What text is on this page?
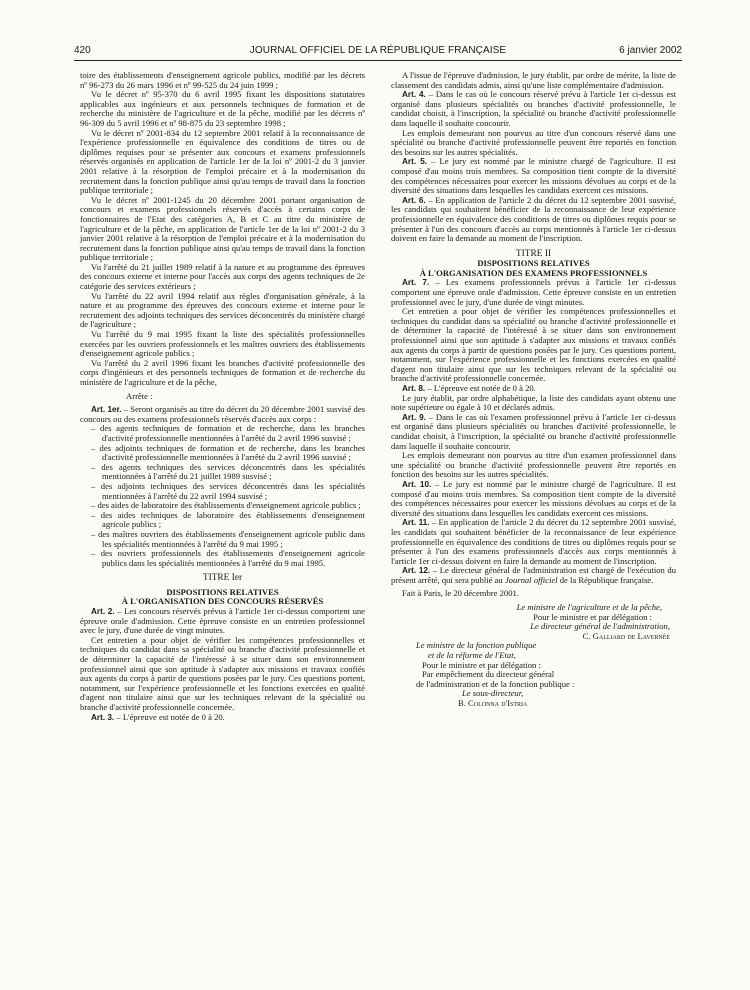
420	JOURNAL OFFICIEL DE LA RÉPUBLIQUE FRANÇAISE	6 janvier 2002

toire des établissements d'enseignement agricole publics, modifié par les décrets nº 96-273 du 26 mars 1996 et nº 99-525 du 24 juin 1999 ;

Vu le décret nº 95-370 du 6 avril 1995 fixant les dispositions statutaires applicables aux ingénieurs et aux personnels techniques de formation et de recherche du ministère de l'agriculture et de la pêche, modifié par les décrets nº 96-309 du 5 avril 1996 et nº 98-875 du 23 septembre 1998 ;

Vu le décret nº 2001-834 du 12 septembre 2001 relatif à la reconnaissance de l'expérience professionnelle en équivalence des conditions de titres ou de diplômes requises pour se présenter aux concours et examens professionnels réservés organisés en application de l'article 1er de la loi nº 2001-2 du 3 janvier 2001 relative à la résorption de l'emploi précaire et à la modernisation du recrutement dans la fonction publique ainsi qu'au temps de travail dans la fonction publique territoriale ;

Vu le décret nº 2001-1245 du 20 décembre 2001 portant organisation de concours et examens professionnels réservés d'accès à certains corps de fonctionnaires de l'Etat des catégories A, B et C au titre du ministère de l'agriculture et de la pêche, en application de l'article 1er de la loi nº 2001-2 du 3 janvier 2001 relative à la résorption de l'emploi précaire et à la modernisation du recrutement dans la fonction publique ainsi qu'au temps de travail dans la fonction publique territoriale ;

Vu l'arrêté du 21 juillet 1989 relatif à la nature et au programme des épreuves des concours externe et interne pour l'accès aux corps des agents techniques de 2e catégorie des services extérieurs ;

Vu l'arrêté du 22 avril 1994 relatif aux règles d'organisation générale, à la nature et au programme des épreuves des concours externe et interne pour le recrutement des adjoints techniques des services déconcentrés du ministère chargé de l'agriculture ;

Vu l'arrêté du 9 mai 1995 fixant la liste des spécialités professionnelles exercées par les ouvriers professionnels et les maîtres ouvriers des établissements d'enseignement agricole publics ;

Vu l'arrêté du 2 avril 1996 fixant les branches d'activité professionnelle des corps d'ingénieurs et des personnels techniques de formation et de recherche du ministère de l'agriculture et de la pêche,

Arrête :

Art. 1er. – Seront organisés au titre du décret du 20 décembre 2001 susvisé des concours ou des examens professionnels réservés d'accès aux corps :

– des agents techniques de formation et de recherche, dans les branches d'activité professionnelle mentionnées à l'arrêté du 2 avril 1996 susvisé ;
– des adjoints techniques de formation et de recherche, dans les branches d'activité professionnelle mentionnées à l'arrêté du 2 avril 1996 susvisé ;
– des agents techniques des services déconcentrés dans les spécialités mentionnées à l'arrêté du 21 juillet 1989 susvisé ;
– des adjoints techniques des services déconcentrés dans les spécialités mentionnées à l'arrêté du 22 avril 1994 susvisé ;
– des aides de laboratoire des établissements d'enseignement agricole publics ;
– des aides techniques de laboratoire des établissements d'enseignement agricole publics ;
– des maîtres ouvriers des établissements d'enseignement agricole public dans les spécialités mentionnées à l'arrêté du 9 mai 1995 ;
– des ouvriers professionnels des établissements d'enseignement agricole publics dans les spécialités mentionnées à l'arrêté du 9 mai 1995.

TITRE Ier

DISPOSITIONS RELATIVES

À L'ORGANISATION DES CONCOURS RÉSERVÉS

Art. 2. – Les concours réservés prévus à l'article 1er ci-dessus comportent une épreuve orale d'admission. Cette épreuve consiste en un entretien professionnel avec le jury, d'une durée de vingt minutes.

Cet entretien a pour objet de vérifier les compétences professionnelles et techniques du candidat dans sa spécialité ou branche d'activité professionnelle et de déterminer la capacité de l'intéressé à se situer dans son environnement professionnel ainsi que son aptitude à s'adapter aux missions et travaux confiés aux agents du corps à partir de questions posées par le jury. Ces questions portent, notamment, sur l'expérience professionnelle et les fonctions exercées en qualité d'agent non titulaire ainsi que sur les techniques relevant de la spécialité ou branche d'activité professionnelle concernée.

Art. 3. – L'épreuve est notée de 0 à 20.

A l'issue de l'épreuve d'admission, le jury établit, par ordre de mérite, la liste de classement des candidats admis, ainsi qu'une liste complémentaire d'admission.

Art. 4. – Dans le cas où le concours réservé prévu à l'article 1er ci-dessus est organisé dans plusieurs spécialités ou branches d'activité professionnelle, le candidat choisit, à l'inscription, la spécialité ou branche d'activité professionnelle dans laquelle il souhaite concourir.

Les emplois demeurant non pourvus au titre d'un concours réservé dans une spécialité ou branche d'activité professionnelle peuvent être reportés en fonction des besoins sur les autres spécialités.

Art. 5. – Le jury est nommé par le ministre chargé de l'agriculture. Il est composé d'au moins trois membres. Sa composition tient compte de la diversité des compétences nécessaires pour exercer les missions dévolues au corps et de la diversité des situations dans lesquelles les candidats exercent ces missions.

Art. 6. – En application de l'article 2 du décret du 12 septembre 2001 susvisé, les candidats qui souhaitent bénéficier de la reconnaissance de leur expérience professionnelle en équivalence des conditions de titres ou diplômes requis pour se présenter à l'un des concours d'accès au corps mentionnés à l'article 1er ci-dessus doivent en faire la demande au moment de l'inscription.

TITRE II

DISPOSITIONS RELATIVES

À L'ORGANISATION DES EXAMENS PROFESSIONNELS

Art. 7. – Les examens professionnels prévus à l'article 1er ci-dessus comportent une épreuve orale d'admission. Cette épreuve consiste en un entretien professionnel avec le jury, d'une durée de vingt minutes.

Cet entretien a pour objet de vérifier les compétences professionnelles et techniques du candidat dans sa spécialité ou branche d'activité professionnelle et de déterminer la capacité de l'intéressé à se situer dans son environnement professionnel ainsi que son aptitude à s'adapter aux missions et travaux confiés aux agents du corps à partir de questions posées par le jury. Ces questions portent, notamment, sur l'expérience professionnelle et les fonctions exercées en qualité d'agent non titulaire ainsi que sur les techniques relevant de la spécialité ou branche d'activité professionnelle concernée.

Art. 8. – L'épreuve est notée de 0 à 20.

Le jury établit, par ordre alphabétique, la liste des candidats ayant obtenu une note supérieure ou égale à 10 et déclarés admis.

Art. 9. – Dans le cas où l'examen professionnel prévu à l'article 1er ci-dessus est organisé dans plusieurs spécialités ou branches d'activité professionnelle, le candidat choisit, à l'inscription, la spécialité ou branche d'activité professionnelle dans laquelle il souhaite concourir.

Les emplois demeurant non pourvus au titre d'un examen professionnel dans une spécialité ou branche d'activité professionnelle peuvent être reportés en fonction des besoins sur les autres spécialités.

Art. 10. – Le jury est nommé par le ministre chargé de l'agriculture. Il est composé d'au moins trois membres. Sa composition tient compte de la diversité des compétences nécessaires pour exercer les missions dévolues au corps et de la diversité des situations dans lesquelles les candidats exercent ces missions.

Art. 11. – En application de l'article 2 du décret du 12 septembre 2001 susvisé, les candidats qui souhaitent bénéficier de la reconnaissance de leur expérience professionnelle en équivalence des conditions de titres ou diplômes requis pour se présenter à l'un des examens professionnels d'accès aux corps mentionnés à l'article 1er ci-dessus doivent en faire la demande au moment de l'inscription.

Art. 12. – Le directeur général de l'administration est chargé de l'exécution du présent arrêté, qui sera publié au Journal officiel de la République française.

Fait à Paris, le 20 décembre 2001.

Le ministre de l'agriculture et de la pêche,

Pour le ministre et par délégation :

Le directeur général de l'administration,

C. Galliard de Lavernée

Le ministre de la fonction publique

et de la réforme de l'Etat,

Pour le ministre et par délégation :

Par empêchement du directeur général

de l'administration et de la fonction publique :

Le sous-directeur,

B. Colonna d'Istria
